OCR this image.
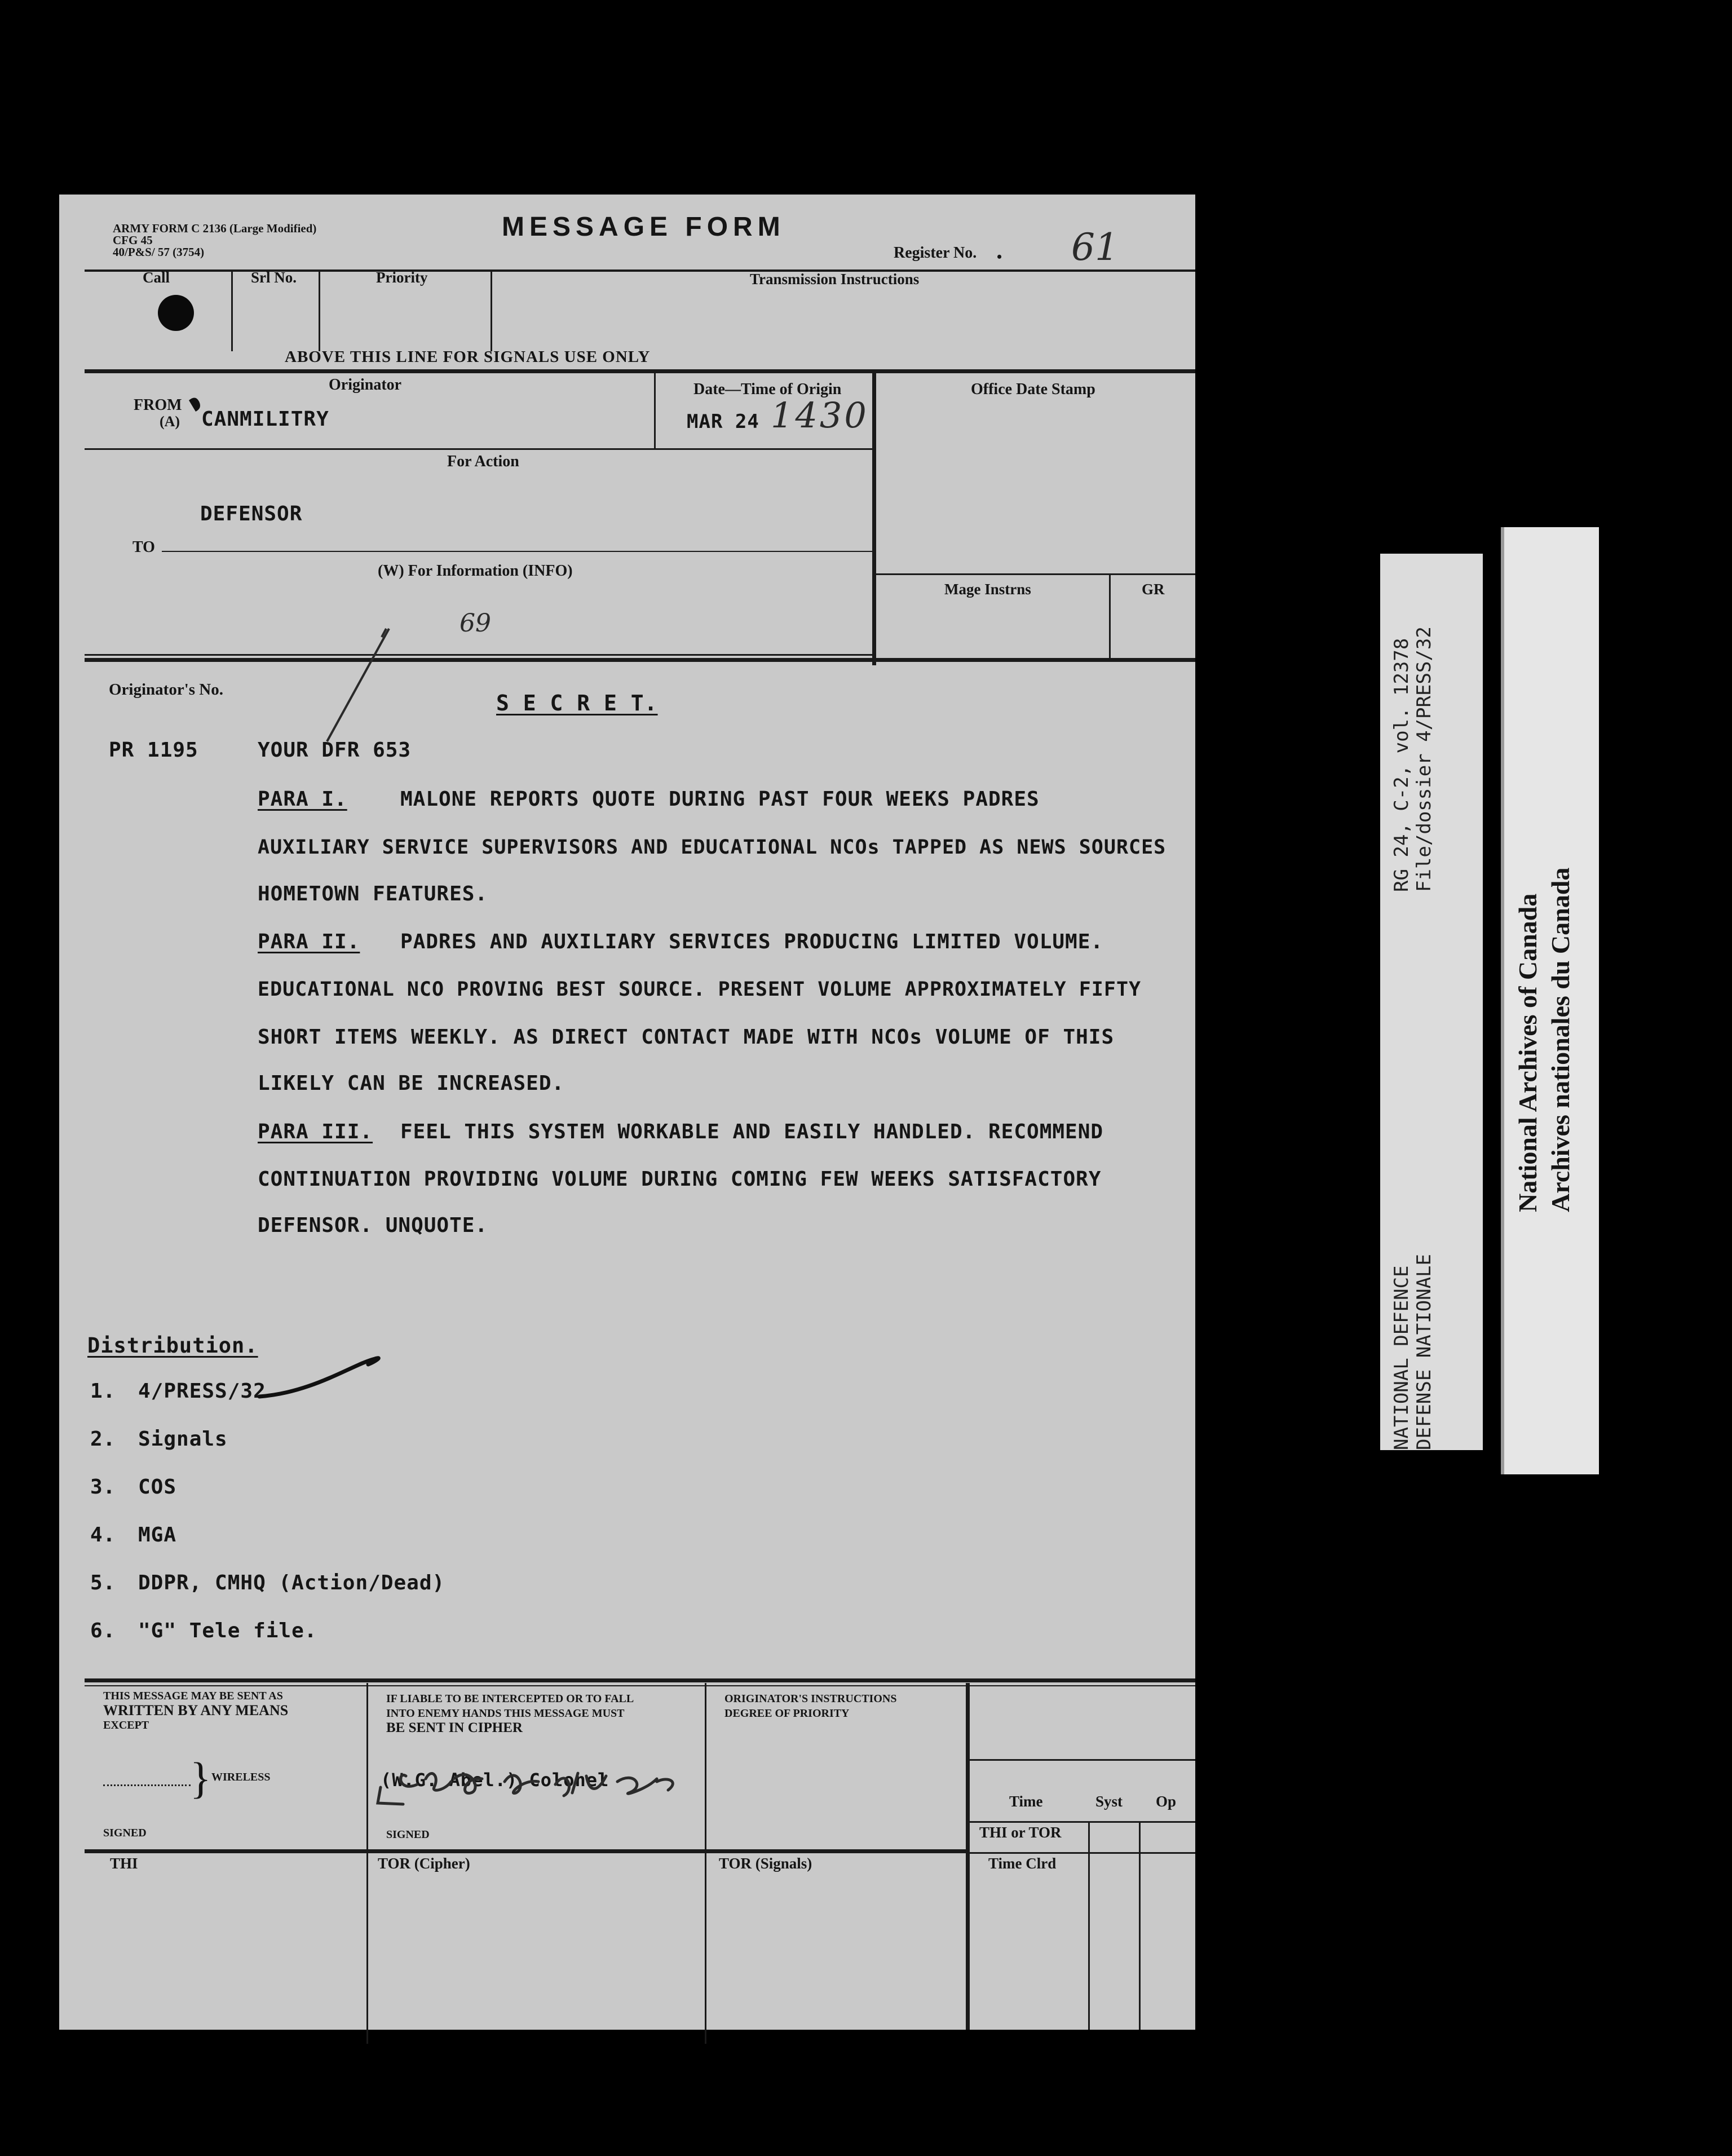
ARMY FORM C 2136 (Large Modified)
CFG 45
40/P&S/ 57 (3754)
MESSAGE FORM
Register No. • 61
Call	Srl No.	Priority	Transmission Instructions
ABOVE THIS LINE FOR SIGNALS USE ONLY
Originator
FROM
(A) CANMILITRY
Date—Time of Origin
MAR 24 1430
Office Date Stamp
For Action
DEFENSOR
TO
(W) For Information (INFO)
Mage Instrns	GR
69
Originator's No.
S E C R E T.
PR 1195	YOUR DFR 653
PARA I.	MALONE REPORTS QUOTE DURING PAST FOUR WEEKS PADRES
AUXILIARY SERVICE SUPERVISORS AND EDUCATIONAL NCOs TAPPED AS NEWS SOURCES
HOMETOWN FEATURES.
PARA II. PADRES AND AUXILIARY SERVICES PRODUCING LIMITED VOLUME.
EDUCATIONAL NCO PROVING BEST SOURCE. PRESENT VOLUME APPROXIMATELY FIFTY
SHORT ITEMS WEEKLY. AS DIRECT CONTACT MADE WITH NCOs VOLUME OF THIS
LIKELY CAN BE INCREASED.
PARA III. FEEL THIS SYSTEM WORKABLE AND EASILY HANDLED. RECOMMEND
CONTINUATION PROVIDING VOLUME DURING COMING FEW WEEKS SATISFACTORY
DEFENSOR. UNQUOTE.
Distribution.
1. 4/PRESS/32
2. Signals
3. COS
4. MGA
5. DDPR, CMHQ (Action/Dead)
6. "G" Tele file.
THIS MESSAGE MAY BE SENT AS
WRITTEN BY ANY MEANS
EXCEPT
} WIRELESS
SIGNED
IF LIABLE TO BE INTERCEPTED OR TO FALL
INTO ENEMY HANDS THIS MESSAGE MUST
BE SENT IN CIPHER
(W.G. Abel.) Colonel
SIGNED
ORIGINATOR'S INSTRUCTIONS
DEGREE OF PRIORITY
Time	Syst Op
THI or TOR
Time Clrd
THI	TOR (Cipher)	TOR (Signals)
NATIONAL DEFENCE DEFENSE NATIONALE
RG 24, C-2, vol. 12378 File/dossier 4/PRESS/32
National Archives of Canada Archives nationales du Canada
